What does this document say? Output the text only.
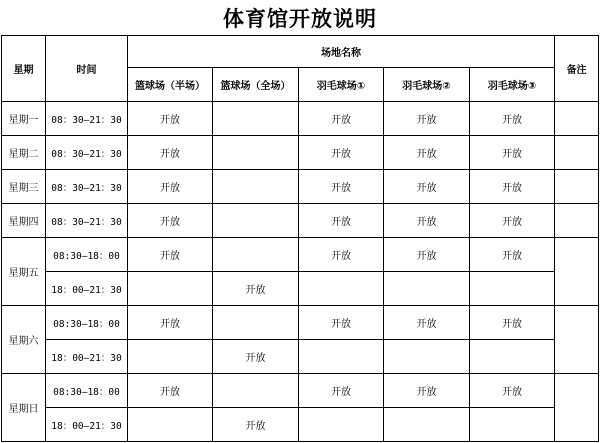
体育馆开放说明
星期	时间	场地名称					备注
		篮球场（半场）	篮球场（全场）	羽毛球场①	羽毛球场②	羽毛球场③	
星期一	08：30—21：30	开放		开放	开放	开放	
星期二	08：30—21：30	开放		开放	开放	开放	
星期三	08：30—21：30	开放		开放	开放	开放	
星期四	08：30—21：30	开放		开放	开放	开放	
星期五	08:30—18：00	开放		开放	开放	开放	
	18：00—21：30		开放				
星期六	08:30—18：00	开放		开放	开放	开放	
	18：00—21：30		开放				
星期日	08:30—18：00	开放		开放	开放	开放	
	18：00—21：30		开放				
